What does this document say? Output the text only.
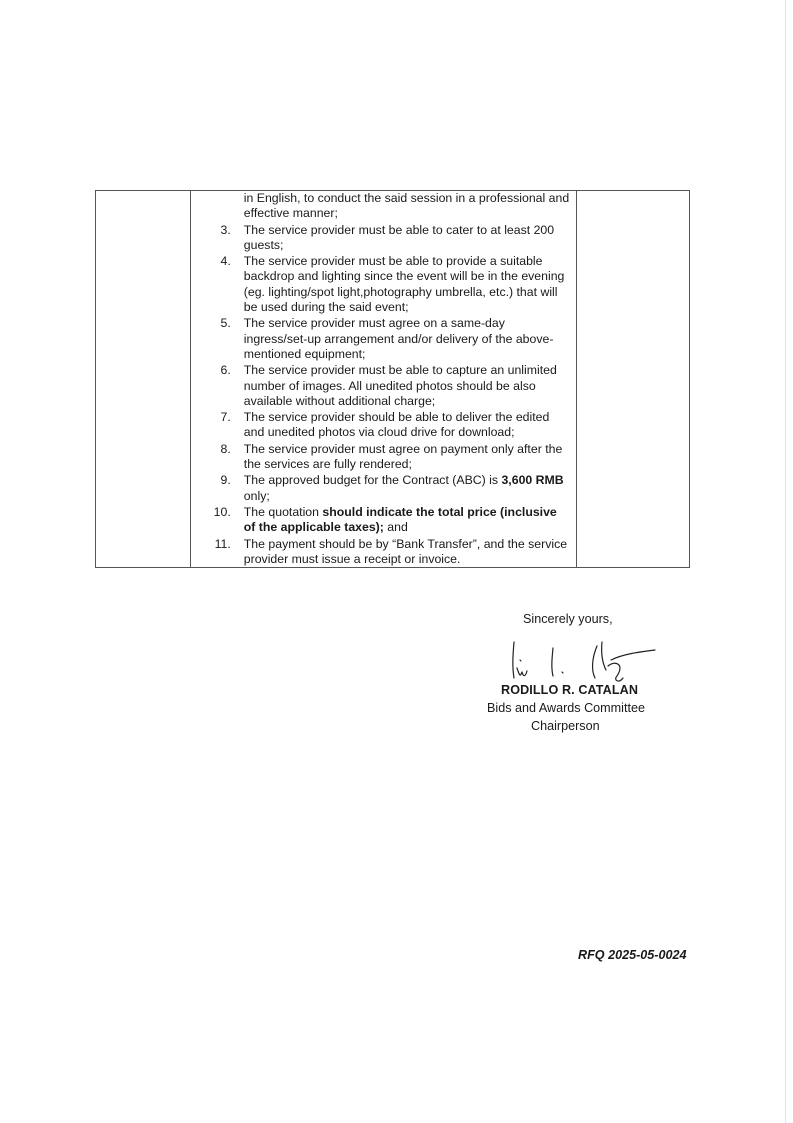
in English, to conduct the said session in a professional and effective manner;
3. The service provider must be able to cater to at least 200 guests;
4. The service provider must be able to provide a suitable backdrop and lighting since the event will be in the evening (eg. lighting/spot light,photography umbrella, etc.) that will be used during the said event;
5. The service provider must agree on a same-day ingress/set-up arrangement and/or delivery of the above-mentioned equipment;
6. The service provider must be able to capture an unlimited number of images. All unedited photos should be also available without additional charge;
7. The service provider should be able to deliver the edited and unedited photos via cloud drive for download;
8. The service provider must agree on payment only after the the services are fully rendered;
9. The approved budget for the Contract (ABC) is 3,600 RMB only;
10. The quotation should indicate the total price (inclusive of the applicable taxes); and
11. The payment should be by “Bank Transfer”, and the service provider must issue a receipt or invoice.

Sincerely yours,
RODILLO R. CATALAN
Bids and Awards Committee
Chairperson
RFQ 2025-05-0024
